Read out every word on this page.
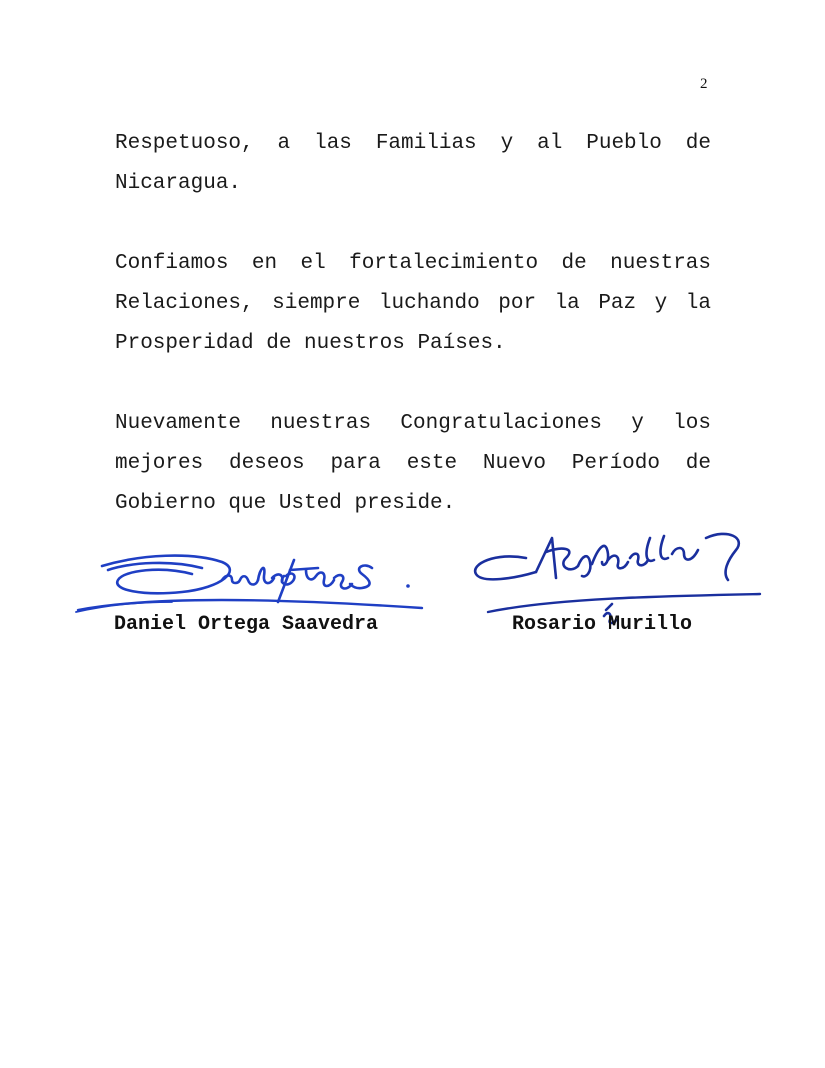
2

Respetuoso, a las Familias y al Pueblo de
Nicaragua.

Confiamos en el fortalecimiento de nuestras
Relaciones, siempre luchando por la Paz y la
Prosperidad de nuestros Países.

Nuevamente nuestras Congratulaciones y los
mejores deseos para este Nuevo Período de
Gobierno que Usted preside.

Daniel Ortega Saavedra	Rosario Murillo
